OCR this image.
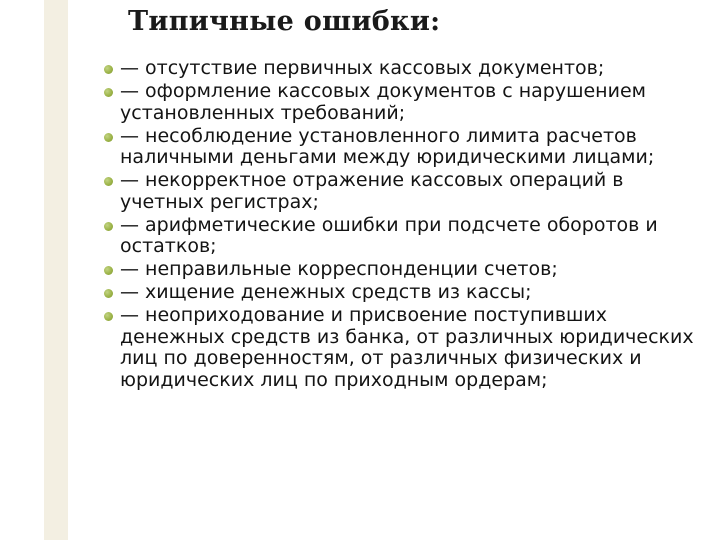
Типичные ошибки:
— отсутствие первичных кассовых документов;
— оформление кассовых документов с нарушением установленных требований;
— несоблюдение установленного лимита расчетов наличными деньгами между юридическими лицами;
— некорректное отражение кассовых операций в учетных регистрах;
— арифметические ошибки при подсчете оборотов и остатков;
— неправильные корреспонденции счетов;
— хищение денежных средств из кассы;
— неоприходование и присвоение поступивших денежных средств из банка, от различных юридических лиц по доверенностям, от различных физических и юридических лиц по приходным ордерам;
